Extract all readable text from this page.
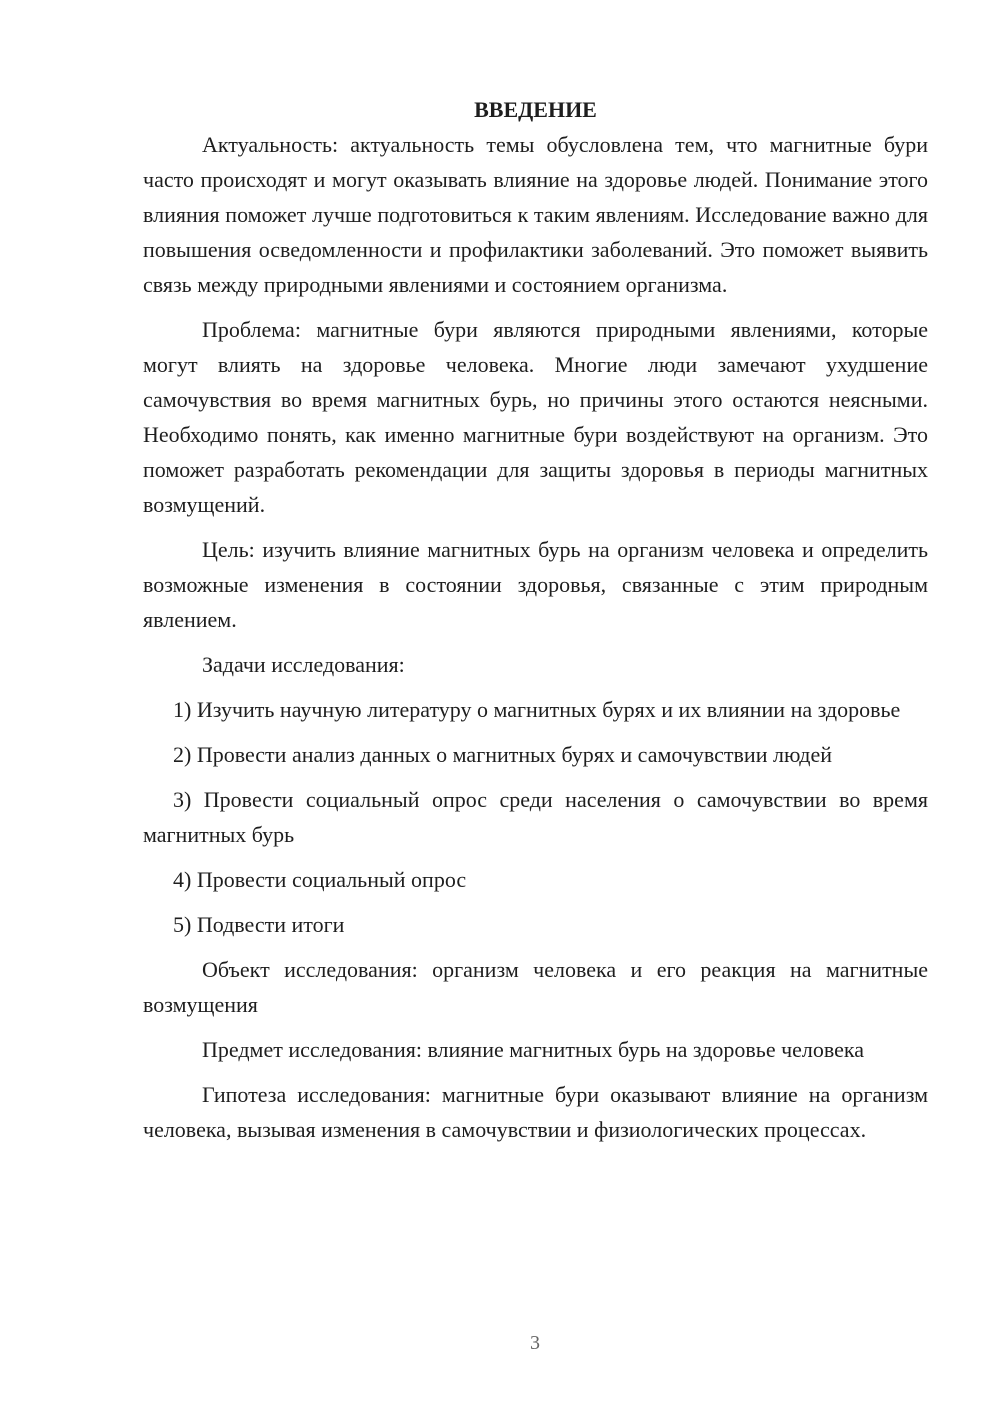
ВВЕДЕНИЕ

Актуальность: актуальность темы обусловлена тем, что магнитные бури часто происходят и могут оказывать влияние на здоровье людей. Понимание этого влияния поможет лучше подготовиться к таким явлениям. Исследование важно для повышения осведомленности и профилактики заболеваний. Это поможет выявить связь между природными явлениями и состоянием организма.

Проблема: магнитные бури являются природными явлениями, которые могут влиять на здоровье человека. Многие люди замечают ухудшение самочувствия во время магнитных бурь, но причины этого остаются неясными. Необходимо понять, как именно магнитные бури воздействуют на организм. Это поможет разработать рекомендации для защиты здоровья в периоды магнитных возмущений.

Цель: изучить влияние магнитных бурь на организм человека и определить возможные изменения в состоянии здоровья, связанные с этим природным явлением.

Задачи исследования:

1) Изучить научную литературу о магнитных бурях и их влиянии на здоровье

2) Провести анализ данных о магнитных бурях и самочувствии людей

3) Провести социальный опрос среди населения о самочувствии во время магнитных бурь

4) Провести социальный опрос

5) Подвести итоги

Объект исследования: организм человека и его реакция на магнитные возмущения

Предмет исследования: влияние магнитных бурь на здоровье человека

Гипотеза исследования: магнитные бури оказывают влияние на организм человека, вызывая изменения в самочувствии и физиологических процессах.

3
